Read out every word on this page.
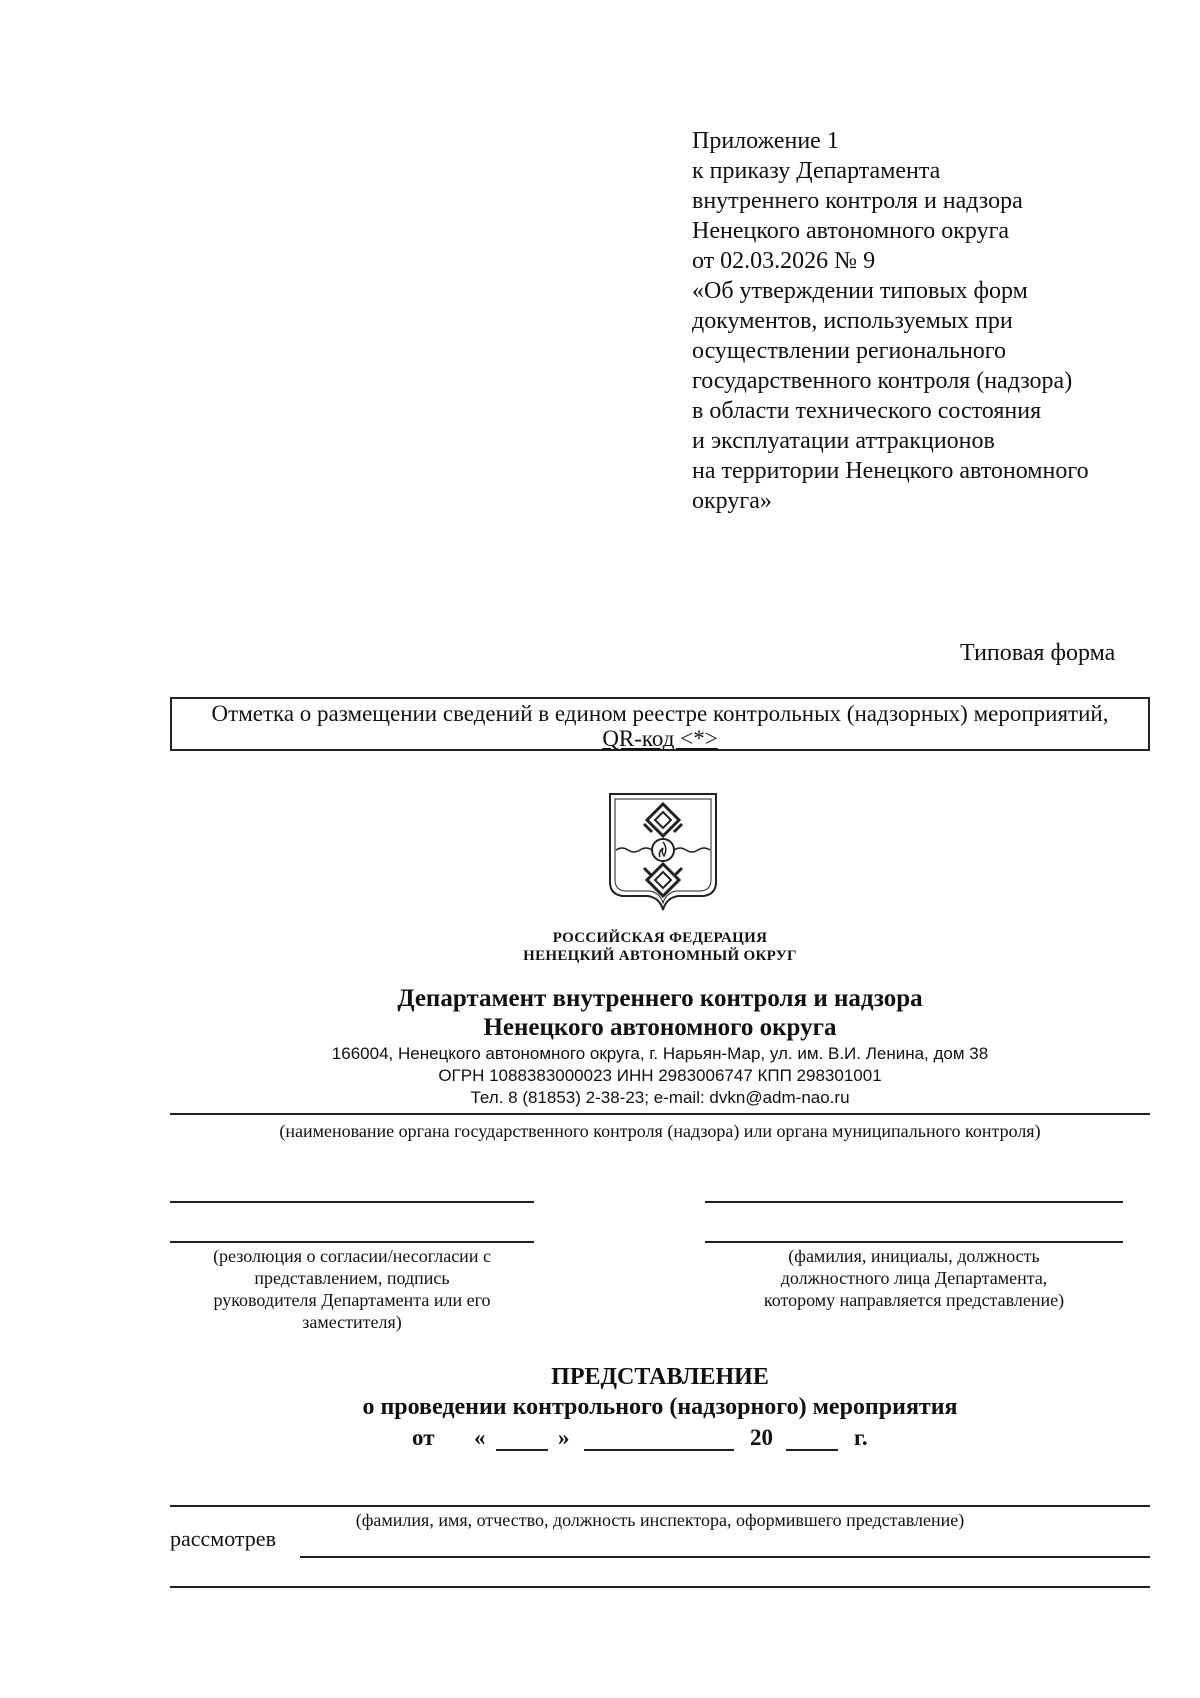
Приложение 1
к приказу Департамента
внутреннего контроля и надзора
Ненецкого автономного округа
от 02.03.2026 № 9
«Об утверждении типовых форм
документов, используемых при
осуществлении регионального
государственного контроля (надзора)
в области технического состояния
и эксплуатации аттракционов
на территории Ненецкого автономного
округа»
Типовая форма
Отметка о размещении сведений в едином реестре контрольных (надзорных) мероприятий,
QR-код <*>
РОССИЙСКАЯ ФЕДЕРАЦИЯ
НЕНЕЦКИЙ АВТОНОМНЫЙ ОКРУГ
Департамент внутреннего контроля и надзора
Ненецкого автономного округа
166004, Ненецкого автономного округа, г. Нарьян-Мар, ул. им. В.И. Ленина, дом 38
ОГРН 1088383000023 ИНН 2983006747 КПП 298301001
Тел. 8 (81853) 2-38-23; e-mail: dvkn@adm-nao.ru
(наименование органа государственного контроля (надзора) или органа муниципального контроля)
(резолюция о согласии/несогласии с
представлением, подпись
руководителя Департамента или его
заместителя)
(фамилия, инициалы, должность
должностного лица Департамента,
которому направляется представление)
ПРЕДСТАВЛЕНИЕ
о проведении контрольного (надзорного) мероприятия
от «	»	20	г.
(фамилия, имя, отчество, должность инспектора, оформившего представление)
рассмотрев
